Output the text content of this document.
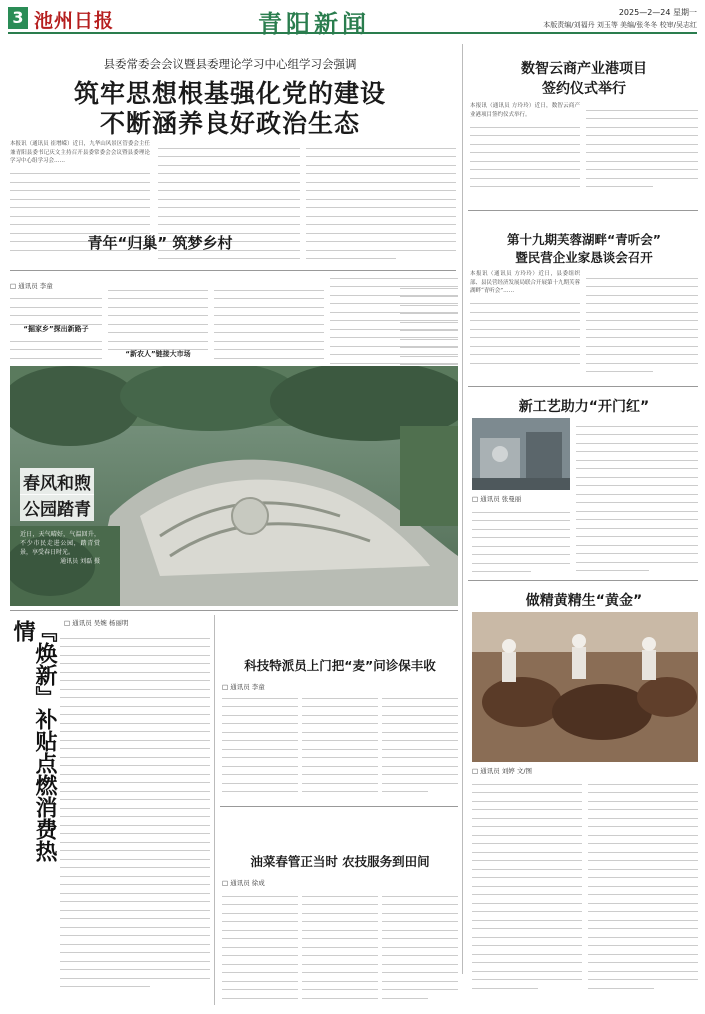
3 池州日报	青阳新闻	2025—2—24 星期一
本版责编/刘福丹 刘玉等 美编/张冬冬 校审/吴志红
县委常委会会议暨县委理论学习中心组学习会强调
筑牢思想根基强化党的建设
不断涵养良好政治生态
本报讯（通讯员 崔增嵘）近日，九华山风景区管委会主任兼青阳县委书记庆文主持召开县委常委会会议暨县委理论学习中心组学习会……
青年“归巢” 筑梦乡村
□ 通讯员 李童
“掘家乡”探出新路子
“新农人”链接大市场
春风和煦
公园踏青
近日，天气晴好，气温回升，不少市民走进公园，踏青赏景，享受春日时光。
通讯员 刘磊 摄
『焕新』补贴点燃消费热情	□ 通讯员 吴婉 杨丽明
科技特派员上门把“麦”问诊保丰收
□ 通讯员 李童
油菜春管正当时 农技服务到田间
□ 通讯员 徐成
数智云商产业港项目
签约仪式举行
本报讯（通讯员 方玲玲）近日，数智云商产业港项目签约仪式举行。
第十九期芙蓉湖畔“青听会”
暨民营企业家恳谈会召开
本报讯（通讯员 方玲玲）近日，县委组织部、县民营经济发展局联合开展第十九期芙蓉湖畔“青听会”……
新工艺助力“开门红”
□ 通讯员 张曼丽
做精黄精生“黄金”
□ 通讯员 刘婷 文/图
